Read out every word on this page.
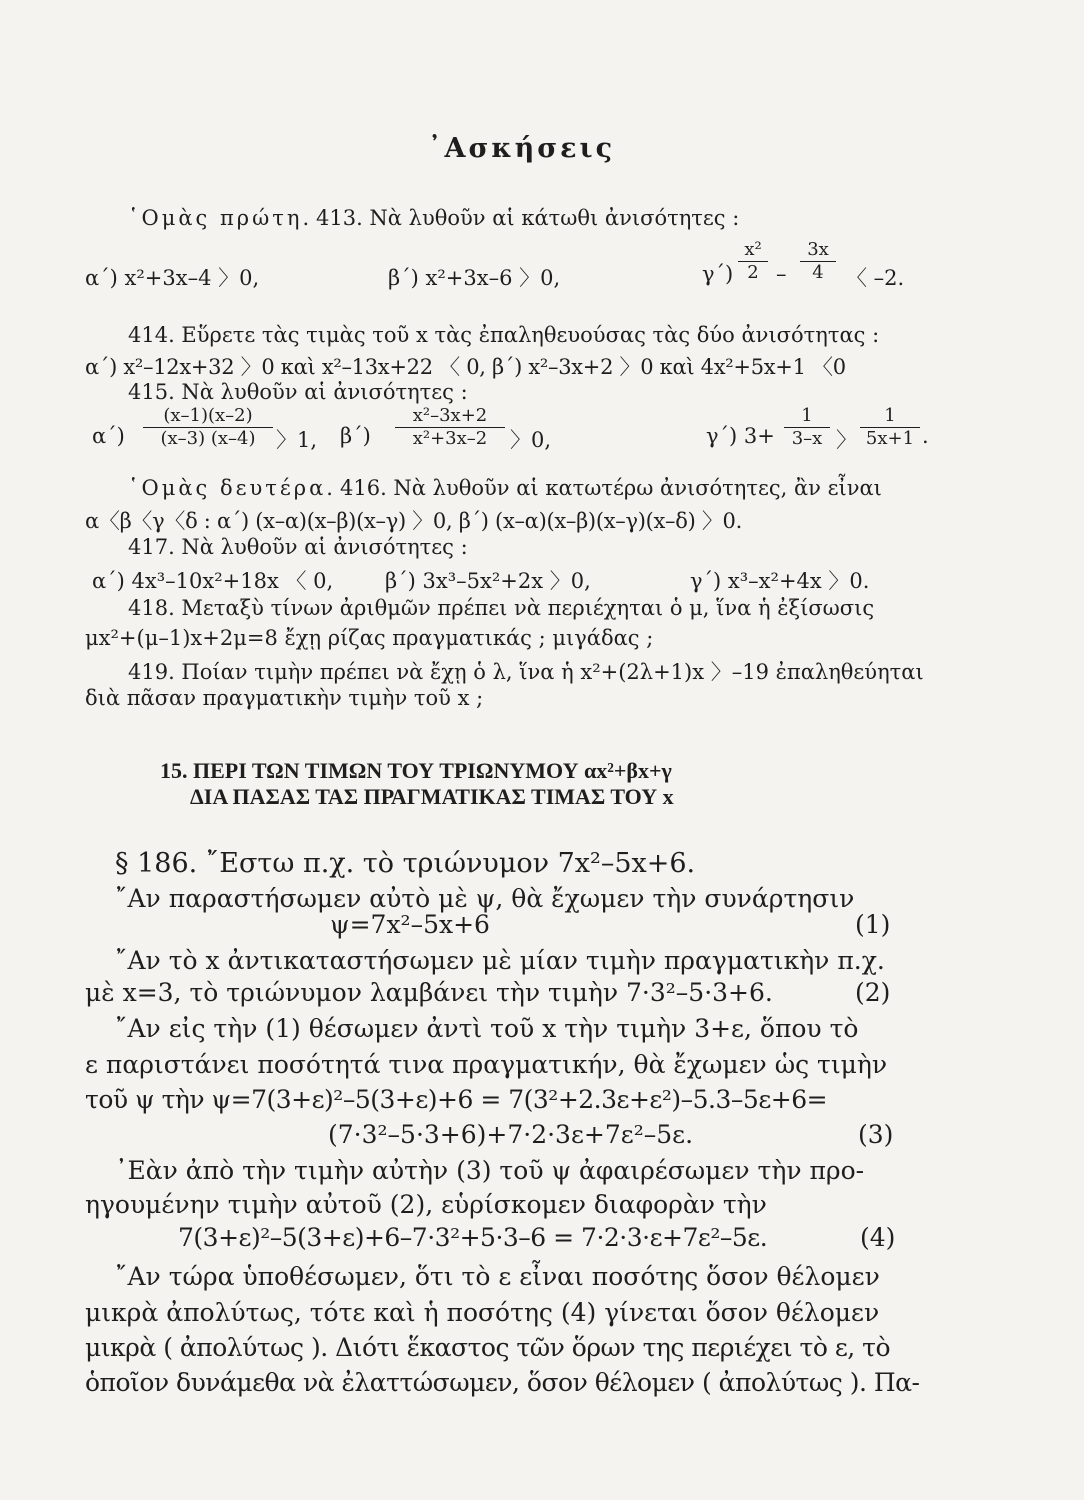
᾿Ασκήσεις
῾Ομὰς πρώτη. 413. Νὰ λυθοῦν αἱ κάτωθι ἀνισότητες :
α΄) x²+3x–4 〉0,	β΄) x²+3x–6 〉0,	γ΄)
x²
2 –
3x
4	〈 –2.
414. Εὕρετε τὰς τιμὰς τοῦ x τὰς ἐπαληθευούσας τὰς δύο ἀνισότητας :
α΄) x²–12x+32 〉0 καὶ x²–13x+22 〈 0, β΄) x²–3x+2 〉0 καὶ 4x²+5x+1 〈0
415. Νὰ λυθοῦν αἱ ἀνισότητες :
α΄)
(x–1)(x–2)
(x–3) (x–4) 〉1, β΄)
x²–3x+2
x²+3x–2	〉0,	γ΄) 3+
1
3–x 〉
1
5x+1 .
῾Ομὰς δευτέρα. 416. Νὰ λυθοῦν αἱ κατωτέρω ἀνισότητες, ἂν εἶναι
α〈β〈γ〈δ : α΄) (x–α)(x–β)(x–γ) 〉0, β΄) (x–α)(x–β)(x–γ)(x–δ) 〉0.
417. Νὰ λυθοῦν αἱ ἀνισότητες :
α΄) 4x³–10x²+18x 〈 0, β΄) 3x³–5x²+2x 〉0,	γ΄) x³–x²+4x 〉0.
418. Μεταξὺ τίνων ἀριθμῶν πρέπει νὰ περιέχηται ὁ μ, ἵνα ἡ ἐξίσωσις
μx²+(μ–1)x+2μ=8 ἔχῃ ρίζας πραγματικάς ; μιγάδας ;
419. Ποίαν τιμὴν πρέπει νὰ ἔχῃ ὁ λ, ἵνα ἡ x²+(2λ+1)x 〉–19 ἐπαληθεύηται
διὰ πᾶσαν πραγματικὴν τιμὴν τοῦ x ;
15. ΠΕΡΙ ΤΩΝ ΤΙΜΩΝ ΤΟΥ ΤΡΙΩΝΥΜΟΥ αx²+βx+γ
ΔΙΑ ΠΑΣΑΣ ΤΑΣ ΠΡΑΓΜΑΤΙΚΑΣ ΤΙΜΑΣ ΤΟΥ x
§ 186. ῎Εστω π.χ. τὸ τριώνυμον 7x²–5x+6.
῎Αν παραστήσωμεν αὐτὸ μὲ ψ, θὰ ἔχωμεν τὴν συνάρτησιν
ψ=7x²–5x+6	(1)
῎Αν τὸ x ἀντικαταστήσωμεν μὲ μίαν τιμὴν πραγματικὴν π.χ.
μὲ x=3, τὸ τριώνυμον λαμβάνει τὴν τιμὴν 7·3²–5·3+6.	(2)
῎Αν εἰς τὴν (1) θέσωμεν ἀντὶ τοῦ x τὴν τιμὴν 3+ε, ὅπου τὸ
ε παριστάνει ποσότητά τινα πραγματικήν, θὰ ἔχωμεν ὡς τιμὴν
τοῦ ψ τὴν ψ=7(3+ε)²–5(3+ε)+6 = 7(3²+2.3ε+ε²)–5.3–5ε+6=
(7·3²–5·3+6)+7·2·3ε+7ε²–5ε.	(3)
᾿Εὰν ἀπὸ τὴν τιμὴν αὐτὴν (3) τοῦ ψ ἀφαιρέσωμεν τὴν προ-
ηγουμένην τιμὴν αὐτοῦ (2), εὑρίσκομεν διαφορὰν τὴν
7(3+ε)²–5(3+ε)+6–7·3²+5·3–6 = 7·2·3·ε+7ε²–5ε.	(4)
῎Αν τώρα ὑποθέσωμεν, ὅτι τὸ ε εἶναι ποσότης ὅσον θέλομεν
μικρὰ ἀπολύτως, τότε καὶ ἡ ποσότης (4) γίνεται ὅσον θέλομεν
μικρὰ ( ἀπολύτως ). Διότι ἕκαστος τῶν ὅρων της περιέχει τὸ ε, τὸ
ὁποῖον δυνάμεθα νὰ ἐλαττώσωμεν, ὅσον θέλομεν ( ἀπολύτως ). Πα-
